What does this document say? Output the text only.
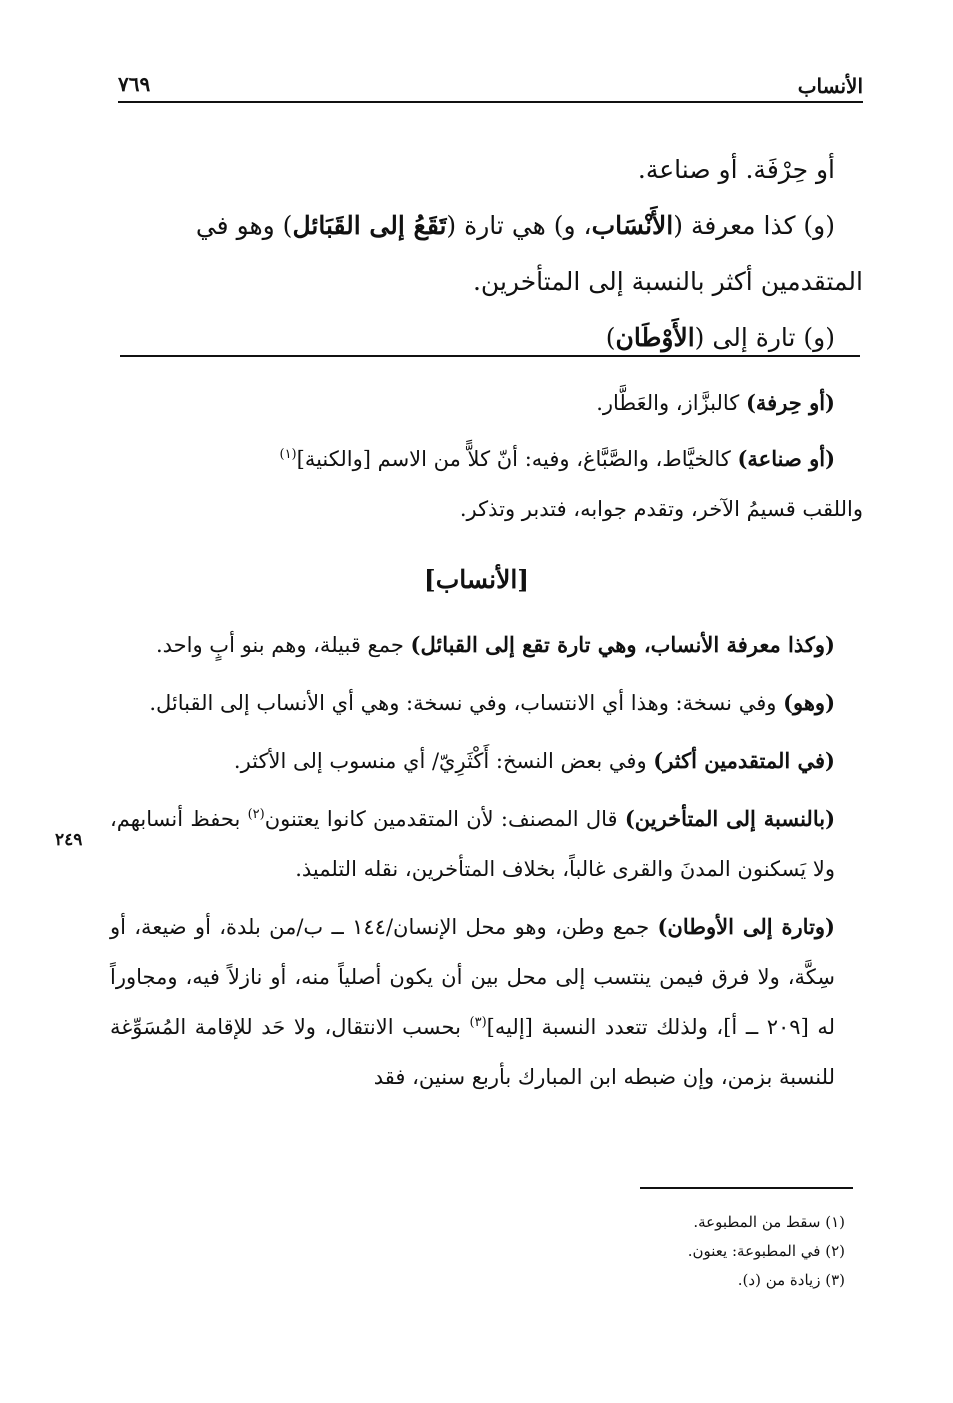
الأنساب
٧٦٩

أو حِرْفَة. أو صناعة.

(و) كذا معرفة (الأَنْسَاب، و) هي تارة (تَقَعُ إلى القَبَائل) وهو في

المتقدمين أكثر بالنسبة إلى المتأخرين.

(و) تارة إلى (الأَوْطَان)

(أو حِرفة) كالبزَّاز، والعَطَّار.

(أو صناعة) كالخيَّاط، والصَّبَّاغ، وفيه: أنّ كلاًّ من الاسم [والكنية]$^{(١)}$

واللقب قسيمُ الآخر، وتقدم جوابه، فتدبر وتذكر.

[الأنساب]

(وكذا معرفة الأنساب، وهي تارة تقع إلى القبائل) جمع قبيلة، وهم بنو أبٍ واحد.

(وهو) وفي نسخة: وهذا أي الانتساب، وفي نسخة: وهي أي الأنساب إلى القبائل.

(في المتقدمين أكثر) وفي بعض النسخ: أَكْثَرِيّ/ أي منسوب إلى الأكثر.

(بالنسبة إلى المتأخرين) قال المصنف: لأن المتقدمين كانوا يعتنون$^{(٢)}$ بحفظ أنسابهم، ولا يَسكنون المدنَ والقرى غالباً، بخلاف المتأخرين، نقله التلميذ.

(وتارة إلى الأوطان) جمع وطن، وهو محل الإنسان/١٤٤ ــ ب/من بلدة، أو ضيعة، أو سِكَّة، ولا فرق فيمن ينتسب إلى محل بين أن يكون أصلياً منه، أو نازلاً فيه، ومجاوراً له [٢٠٩ ــ أ]، ولذلك تتعدد النسبة [إليه]$^{(٣)}$ بحسب الانتقال، ولا حَد للإقامة المُسَوِّغة للنسبة بزمن، وإن ضبطه ابن المبارك بأربع سنين، فقد

٢٤٩
(١) سقط من المطبوعة.
(٢) في المطبوعة: يعنون.
(٣) زيادة من (د).
